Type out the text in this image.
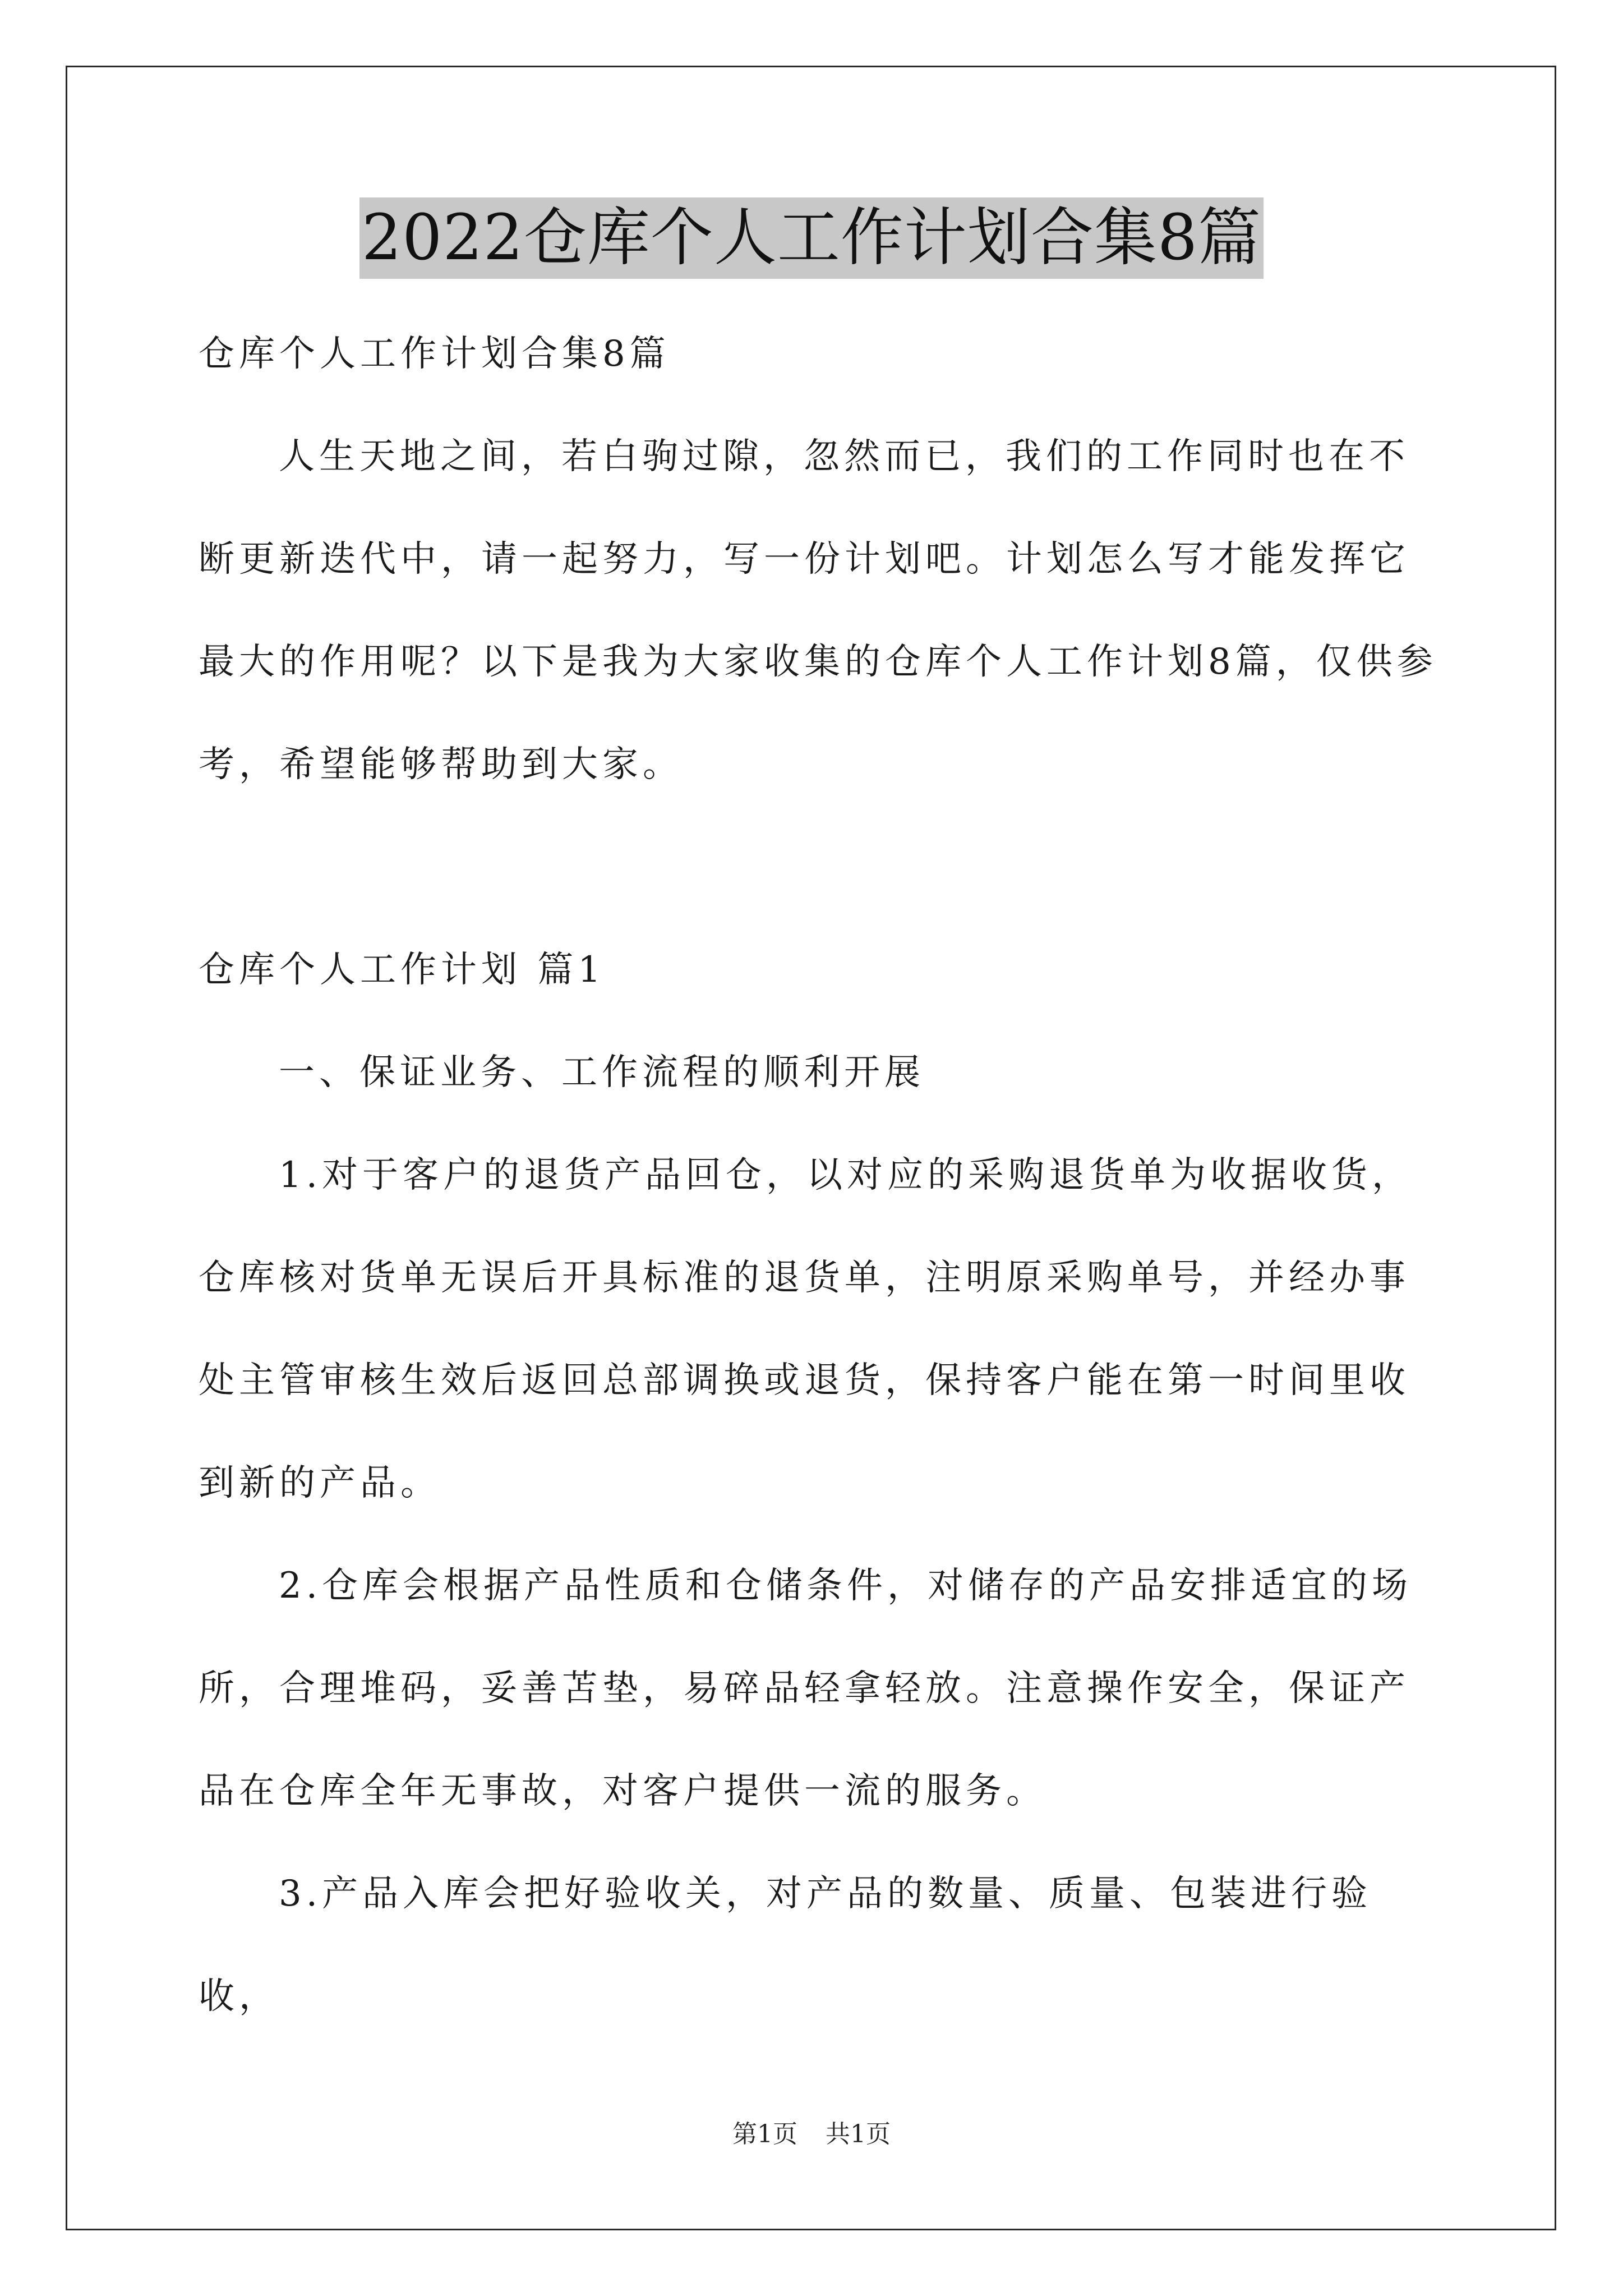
2022仓库个人工作计划合集8篇

仓库个人工作计划合集8篇

人生天地之间，若白驹过隙，忽然而已，我们的工作同时也在不断更新迭代中，请一起努力，写一份计划吧。计划怎么写才能发挥它最大的作用呢？以下是我为大家收集的仓库个人工作计划8篇，仅供参考，希望能够帮助到大家。

仓库个人工作计划 篇1

一、保证业务、工作流程的顺利开展

1.对于客户的退货产品回仓，以对应的采购退货单为收据收货，仓库核对货单无误后开具标准的退货单，注明原采购单号，并经办事处主管审核生效后返回总部调换或退货，保持客户能在第一时间里收到新的产品。

2.仓库会根据产品性质和仓储条件，对储存的产品安排适宜的场所，合理堆码，妥善苫垫，易碎品轻拿轻放。注意操作安全，保证产品在仓库全年无事故，对客户提供一流的服务。

3.产品入库会把好验收关，对产品的数量、质量、包装进行验收，

第1页 共1页
